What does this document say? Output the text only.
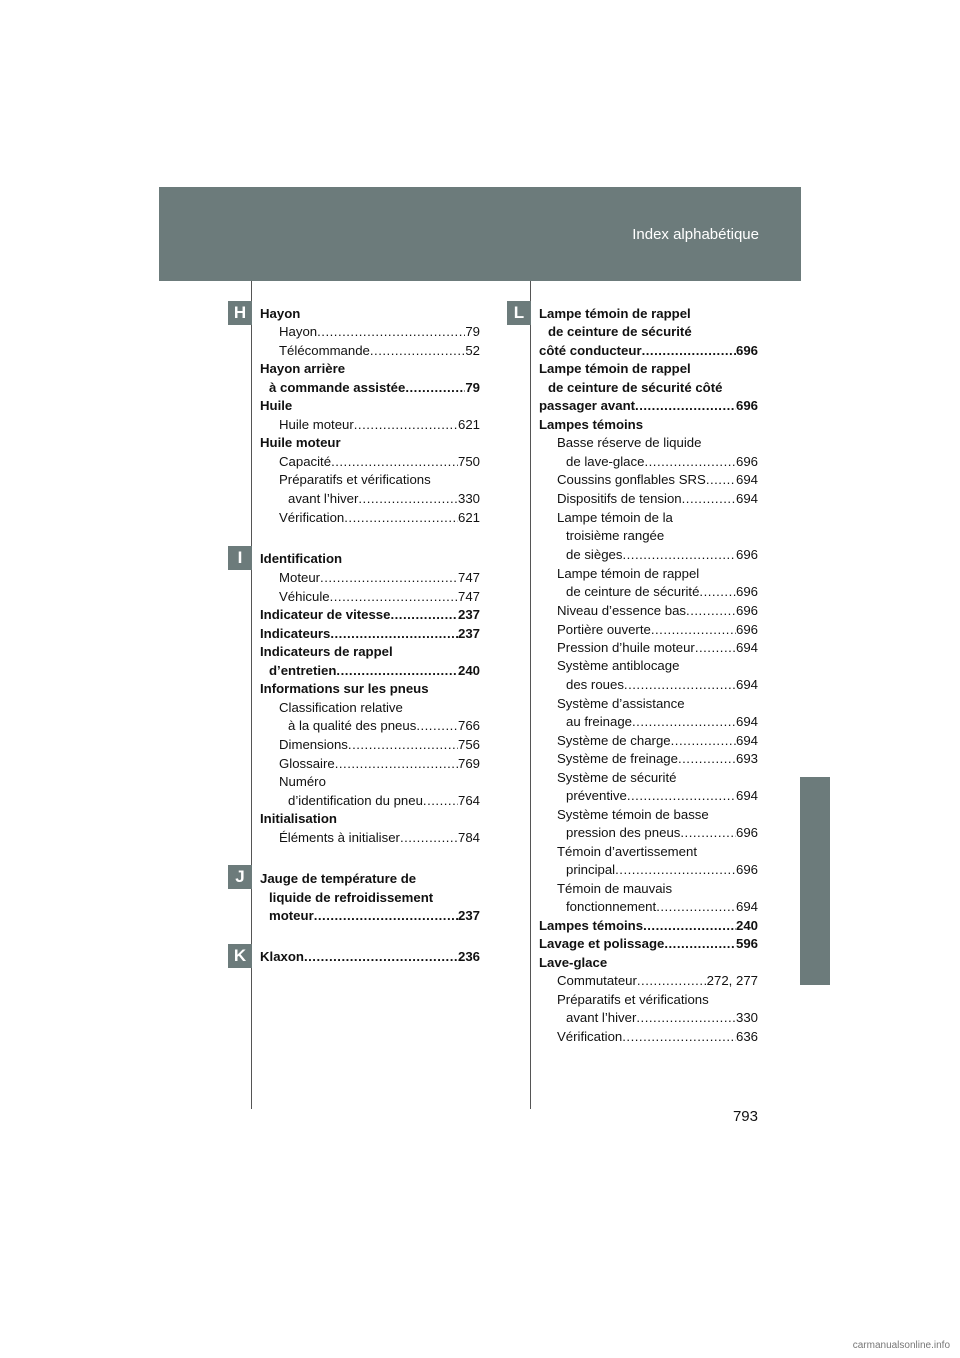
Index alphabétique
H
I
J
K
L
Hayon
Hayon .....	79
Télécommande .....	52
Hayon arrière
à commande assistée .....	79
Huile
Huile moteur .....	621
Huile moteur
Capacité .....	750
Préparatifs et vérifications
avant l’hiver .....	330
Vérification .....	621
Identification
Moteur .....	747
Véhicule .....	747
Indicateur de vitesse .....	237
Indicateurs .....	237
Indicateurs de rappel
d’entretien .....	240
Informations sur les pneus
Classification relative
à la qualité des pneus .....	766
Dimensions .....	756
Glossaire .....	769
Numéro
d’identification du pneu .....	764
Initialisation
Éléments à initialiser .....	784
Jauge de température de
liquide de refroidissement
moteur .....	237
Klaxon .....	236
Lampe témoin de rappel
de ceinture de sécurité
côté conducteur .....	696
Lampe témoin de rappel
de ceinture de sécurité côté
passager avant .....	696
Lampes témoins
Basse réserve de liquide
de lave-glace .....	696
Coussins gonflables SRS ..... 694
Dispositifs de tension .....	694
Lampe témoin de la
troisième rangée
de sièges .....	696
Lampe témoin de rappel
de ceinture de sécurité .....	696
Niveau d’essence bas .....	696
Portière ouverte .....	696
Pression d’huile moteur .....	694
Système antiblocage
des roues .....	694
Système d’assistance
au freinage .....	694
Système de charge .....	694
Système de freinage .....	693
Système de sécurité
préventive .....	694
Système témoin de basse
pression des pneus .....	696
Témoin d’avertissement
principal .....	696
Témoin de mauvais
fonctionnement .....	694
Lampes témoins .....	240
Lavage et polissage .....	596
Lave-glace
Commutateur .....	272, 277
Préparatifs et vérifications
avant l’hiver .....	330
Vérification .....	636
793
carmanualsonline.info
